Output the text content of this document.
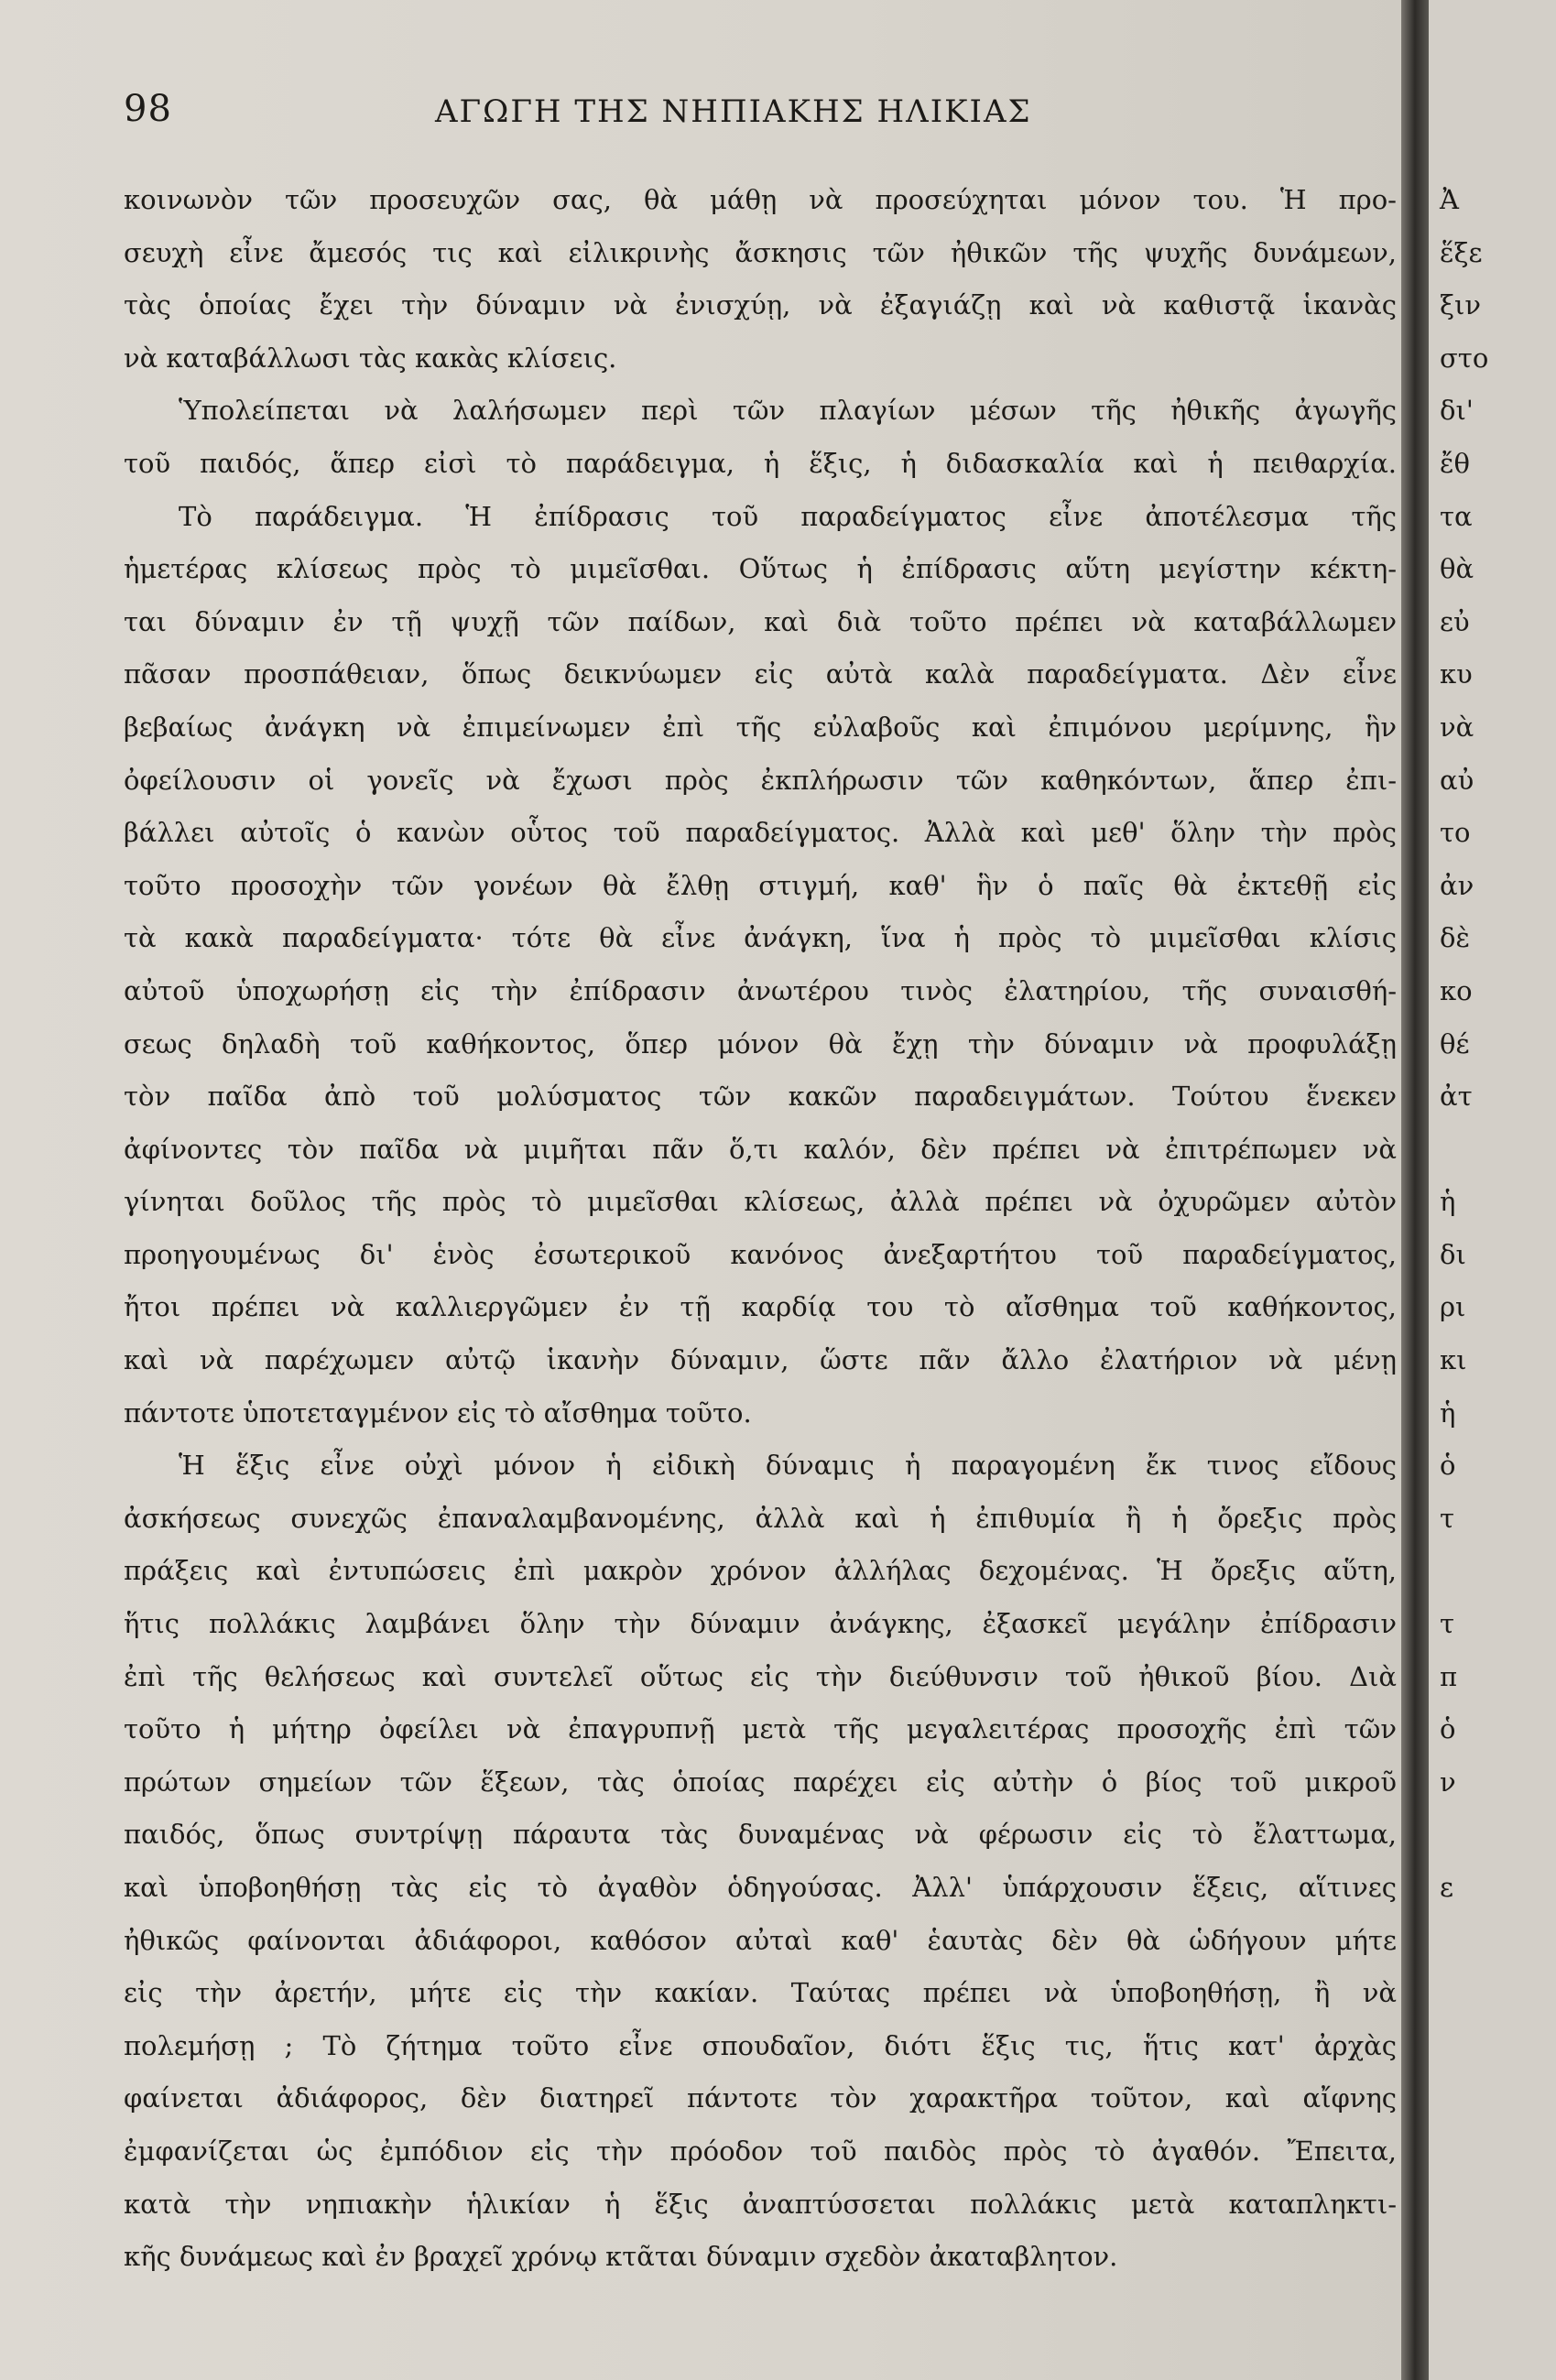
98	ΑΓΩΓΗ ΤΗΣ ΝΗΠΙΑΚΗΣ ΗΛΙΚΙΑΣ
κοινωνὸν τῶν προσευχῶν σας, θὰ μάθῃ νὰ προσεύχηται μόνον του. Ἡ προ-
σευχὴ εἶνε ἄμεσός τις καὶ εἰλικρινὴς ἄσκησις τῶν ἠθικῶν τῆς ψυχῆς δυνάμεων,
τὰς ὁποίας ἔχει τὴν δύναμιν νὰ ἐνισχύῃ, νὰ ἐξαγιάζῃ καὶ νὰ καθιστᾷ ἱκανὰς
νὰ καταβάλλωσι τὰς κακὰς κλίσεις.
Ὑπολείπεται νὰ λαλήσωμεν περὶ τῶν πλαγίων μέσων τῆς ἠθικῆς ἀγωγῆς
τοῦ παιδός, ἅπερ εἰσὶ τὸ παράδειγμα, ἡ ἕξις, ἡ διδασκαλία καὶ ἡ πειθαρχία.
Τὸ παράδειγμα. Ἡ ἐπίδρασις τοῦ παραδείγματος εἶνε ἀποτέλεσμα τῆς
ἡμετέρας κλίσεως πρὸς τὸ μιμεῖσθαι. Οὕτως ἡ ἐπίδρασις αὕτη μεγίστην κέκτη-
ται δύναμιν ἐν τῇ ψυχῇ τῶν παίδων, καὶ διὰ τοῦτο πρέπει νὰ καταβάλλωμεν
πᾶσαν προσπάθειαν, ὅπως δεικνύωμεν εἰς αὐτὰ καλὰ παραδείγματα. Δὲν εἶνε
βεβαίως ἀνάγκη νὰ ἐπιμείνωμεν ἐπὶ τῆς εὐλαβοῦς καὶ ἐπιμόνου μερίμνης, ἣν
ὀφείλουσιν οἱ γονεῖς νὰ ἔχωσι πρὸς ἐκπλήρωσιν τῶν καθηκόντων, ἅπερ ἐπι-
βάλλει αὐτοῖς ὁ κανὼν οὗτος τοῦ παραδείγματος. Ἀλλὰ καὶ μεθ' ὅλην τὴν πρὸς
τοῦτο προσοχὴν τῶν γονέων θὰ ἔλθῃ στιγμή, καθ' ἣν ὁ παῖς θὰ ἐκτεθῇ εἰς
τὰ κακὰ παραδείγματα· τότε θὰ εἶνε ἀνάγκη, ἵνα ἡ πρὸς τὸ μιμεῖσθαι κλίσις
αὐτοῦ ὑποχωρήσῃ εἰς τὴν ἐπίδρασιν ἀνωτέρου τινὸς ἐλατηρίου, τῆς συναισθή-
σεως δηλαδὴ τοῦ καθήκοντος, ὅπερ μόνον θὰ ἔχῃ τὴν δύναμιν νὰ προφυλάξῃ
τὸν παῖδα ἀπὸ τοῦ μολύσματος τῶν κακῶν παραδειγμάτων. Τούτου ἕνεκεν
ἀφίνοντες τὸν παῖδα νὰ μιμῆται πᾶν ὅ,τι καλόν, δὲν πρέπει νὰ ἐπιτρέπωμεν νὰ
γίνηται δοῦλος τῆς πρὸς τὸ μιμεῖσθαι κλίσεως, ἀλλὰ πρέπει νὰ ὀχυρῶμεν αὐτὸν
προηγουμένως δι' ἑνὸς ἐσωτερικοῦ κανόνος ἀνεξαρτήτου τοῦ παραδείγματος,
ἤτοι πρέπει νὰ καλλιεργῶμεν ἐν τῇ καρδίᾳ του τὸ αἴσθημα τοῦ καθήκοντος,
καὶ νὰ παρέχωμεν αὐτῷ ἱκανὴν δύναμιν, ὥστε πᾶν ἄλλο ἐλατήριον νὰ μένῃ
πάντοτε ὑποτεταγμένον εἰς τὸ αἴσθημα τοῦτο.
Ἡ ἕξις εἶνε οὐχὶ μόνον ἡ εἰδικὴ δύναμις ἡ παραγομένη ἔκ τινος εἴδους
ἀσκήσεως συνεχῶς ἐπαναλαμβανομένης, ἀλλὰ καὶ ἡ ἐπιθυμία ἢ ἡ ὄρεξις πρὸς
πράξεις καὶ ἐντυπώσεις ἐπὶ μακρὸν χρόνον ἀλλήλας δεχομένας. Ἡ ὄρεξις αὕτη,
ἥτις πολλάκις λαμβάνει ὅλην τὴν δύναμιν ἀνάγκης, ἐξασκεῖ μεγάλην ἐπίδρασιν
ἐπὶ τῆς θελήσεως καὶ συντελεῖ οὕτως εἰς τὴν διεύθυνσιν τοῦ ἠθικοῦ βίου. Διὰ
τοῦτο ἡ μήτηρ ὀφείλει νὰ ἐπαγρυπνῇ μετὰ τῆς μεγαλειτέρας προσοχῆς ἐπὶ τῶν
πρώτων σημείων τῶν ἕξεων, τὰς ὁποίας παρέχει εἰς αὐτὴν ὁ βίος τοῦ μικροῦ
παιδός, ὅπως συντρίψῃ πάραυτα τὰς δυναμένας νὰ φέρωσιν εἰς τὸ ἔλαττωμα,
καὶ ὑποβοηθήσῃ τὰς εἰς τὸ ἀγαθὸν ὁδηγούσας. Ἀλλ' ὑπάρχουσιν ἕξεις, αἵτινες
ἠθικῶς φαίνονται ἀδιάφοροι, καθόσον αὐταὶ καθ' ἑαυτὰς δὲν θὰ ὡδήγουν μήτε
εἰς τὴν ἀρετήν, μήτε εἰς τὴν κακίαν. Ταύτας πρέπει νὰ ὑποβοηθήσῃ, ἢ νὰ
πολεμήσῃ ; Τὸ ζήτημα τοῦτο εἶνε σπουδαῖον, διότι ἕξις τις, ἥτις κατ' ἀρχὰς
φαίνεται ἀδιάφορος, δὲν διατηρεῖ πάντοτε τὸν χαρακτῆρα τοῦτον, καὶ αἴφνης
ἐμφανίζεται ὡς ἐμπόδιον εἰς τὴν πρόοδον τοῦ παιδὸς πρὸς τὸ ἀγαθόν. Ἔπειτα,
κατὰ τὴν νηπιακὴν ἡλικίαν ἡ ἕξις ἀναπτύσσεται πολλάκις μετὰ καταπληκτι-
κῆς δυνάμεως καὶ ἐν βραχεῖ χρόνῳ κτᾶται δύναμιν σχεδὸν ἀκαταβλητον.
Ἀ
ἕξε
ξιν
στο
δι'
ἔθ
τα
θὰ
εὐ
κυ
νὰ
αὐ
το
ἀν
δὲ
κο
θέ
ἀτ
ἡ
δι
ρι
κι
ἡ
ὁ
τ
τ
π
ὁ
ν
ε
